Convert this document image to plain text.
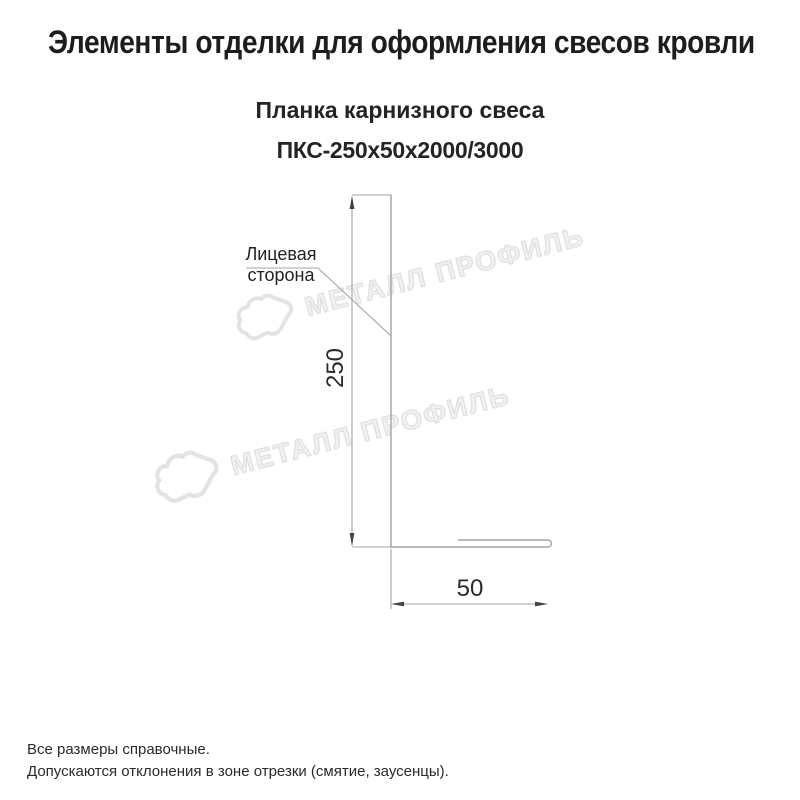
Элементы отделки для оформления свесов кровли
Планка карнизного свеса
ПКС-250х50х2000/3000
МЕТАЛЛ ПРОФИЛЬ
МЕТАЛЛ ПРОФИЛЬ
Лицевая
сторона
250
50
Все размеры справочные.
Допускаются отклонения в зоне отрезки (смятие, заусенцы).
